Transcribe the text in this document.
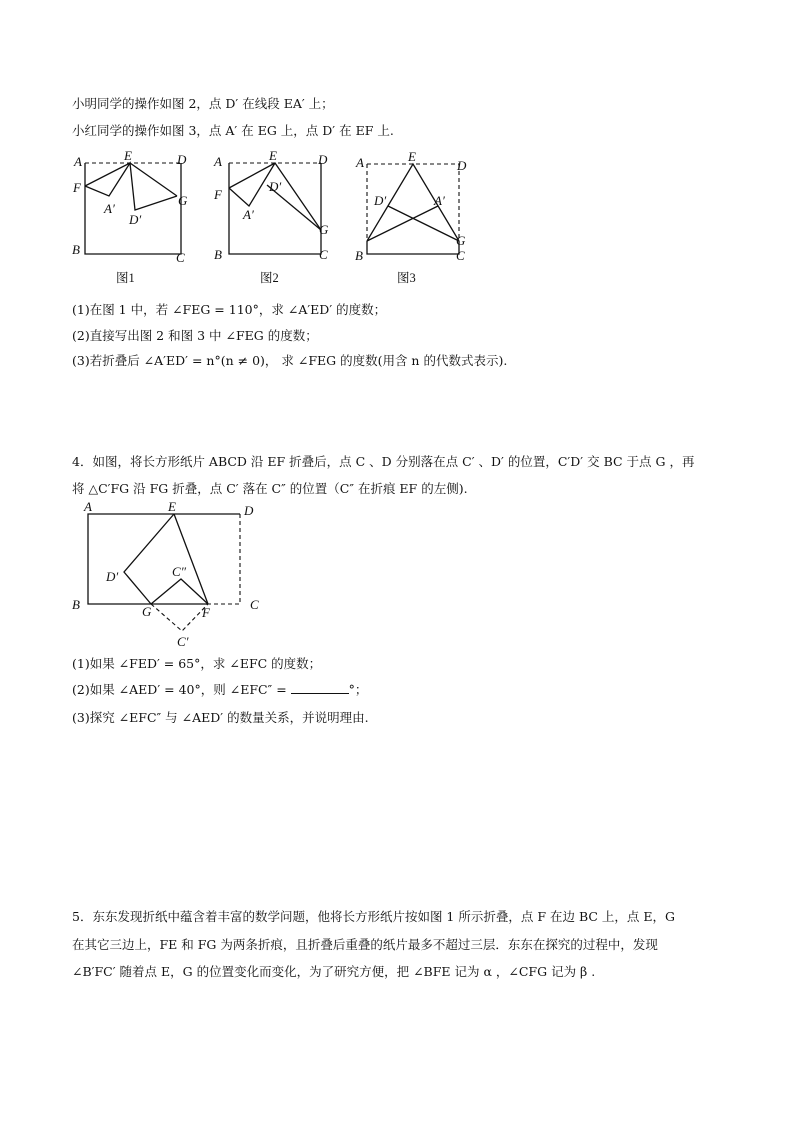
小明同学的操作如图 2，点 D′ 在线段 EA′ 上；
小红同学的操作如图 3，点 A′ 在 EG 上，点 D′ 在 EF 上.
A	E	D
F
A′
D′
G
B
C
图1
A	E	D
F
A′
D′
G
B	C
图2
A	E
D
D′	A′
G
B	C
图3
(1)在图 1 中，若 ∠FEG = 110°，求 ∠A′ED′ 的度数；
(2)直接写出图 2 和图 3 中 ∠FEG 的度数；
(3)若折叠后 ∠A′ED′ = n°(n ≠ 0)， 求 ∠FEG 的度数(用含 n 的代数式表示).
4．如图，将长方形纸片 ABCD 沿 EF 折叠后，点 C 、D 分别落在点 C′ 、D′ 的位置，C′D′ 交 BC 于点 G ，再
将 △C′FG 沿 FG 折叠，点 C′ 落在 C″ 的位置（C″ 在折痕 EF 的左侧).
A	E	D
D′	C″
B	G	F
C
C′
(1)如果 ∠FED′ = 65°，求 ∠EFC 的度数；
(2)如果 ∠AED′ = 40°，则 ∠EFC″ =	°；
(3)探究 ∠EFC″ 与 ∠AED′ 的数量关系，并说明理由.
5．东东发现折纸中蕴含着丰富的数学问题，他将长方形纸片按如图 1 所示折叠，点 F 在边 BC 上，点 E，G
在其它三边上，FE 和 FG 为两条折痕，且折叠后重叠的纸片最多不超过三层．东东在探究的过程中，发现
∠B′FC′ 随着点 E，G 的位置变化而变化，为了研究方便，把 ∠BFE 记为 α ，∠CFG 记为 β .
